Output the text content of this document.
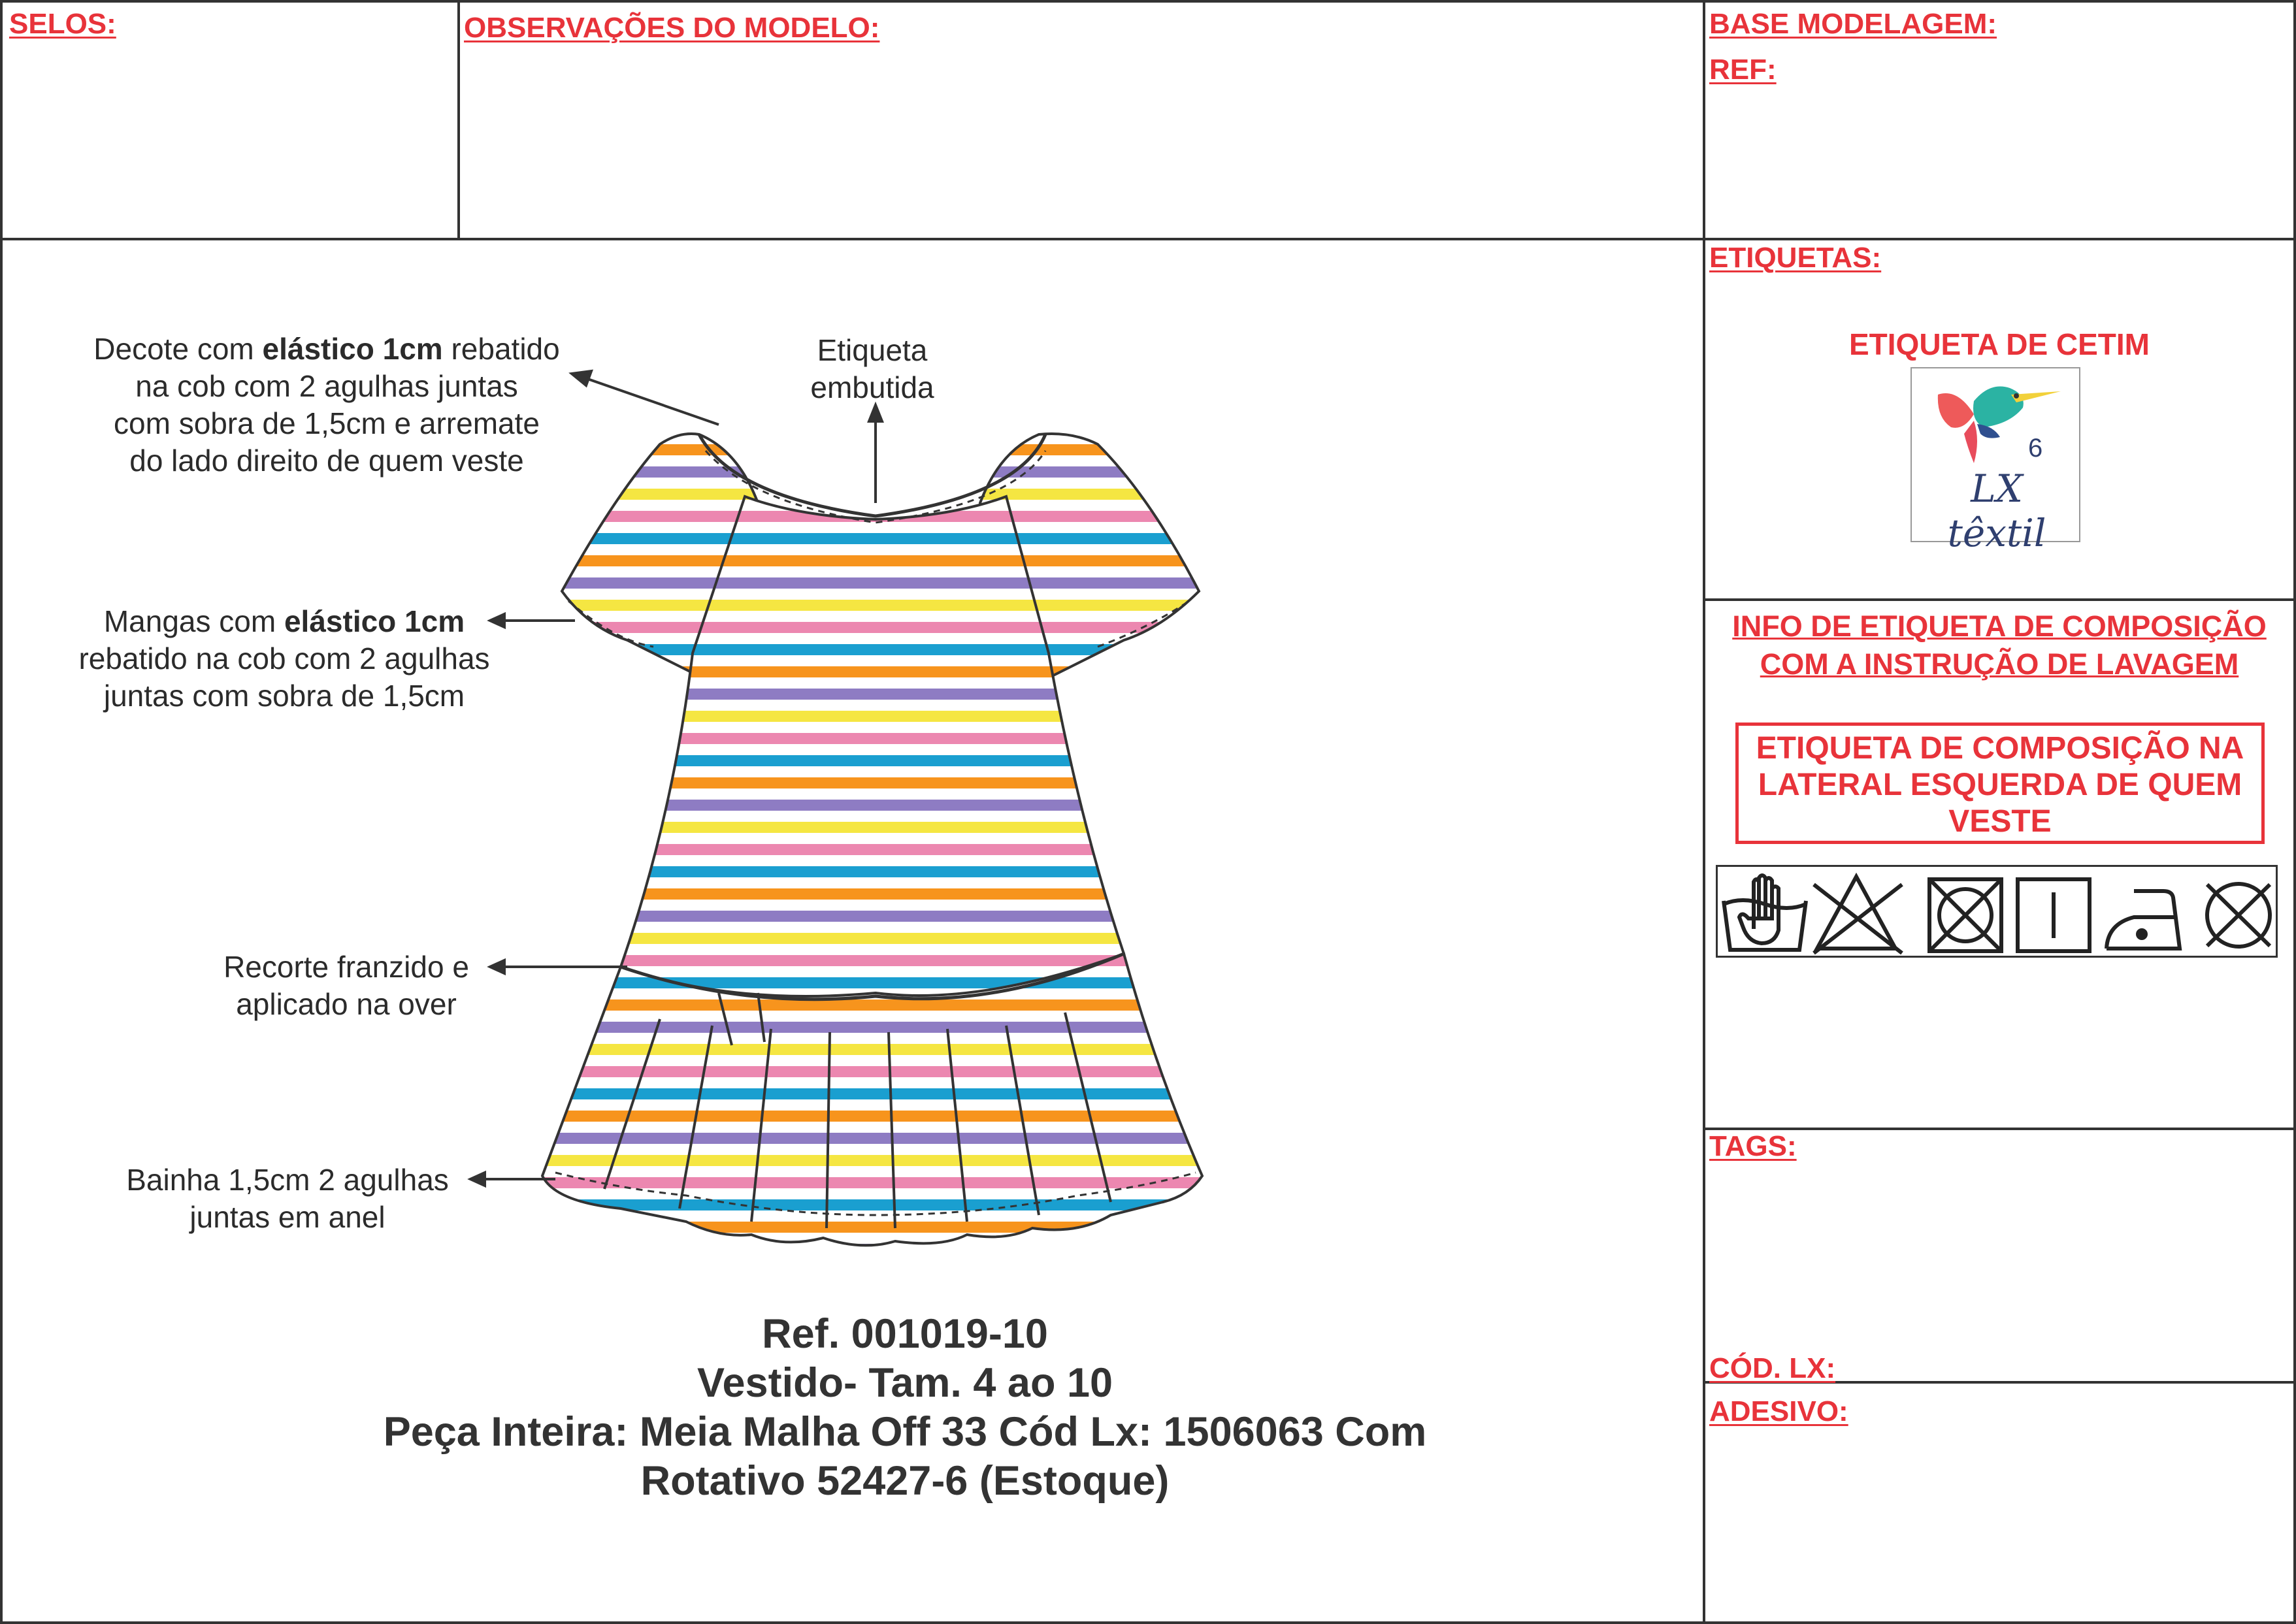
SELOS:	OBSERVAÇÕES DO MODELO:	BASE MODELAGEM:
REF:
ETIQUETAS:
ETIQUETA DE CETIM
6
LX têxtil
INFO DE ETIQUETA DE COMPOSIÇÃO
COM A INSTRUÇÃO DE LAVAGEM
ETIQUETA DE COMPOSIÇÃO NA
LATERAL ESQUERDA DE QUEM
VESTE
TAGS:
CÓD. LX:
ADESIVO:
Decote com elástico 1cm rebatido
na cob com 2 agulhas juntas
com sobra de 1,5cm e arremate
do lado direito de quem veste
Etiqueta
embutida
Mangas com elástico 1cm
rebatido na cob com 2 agulhas
juntas com sobra de 1,5cm
Recorte franzido e
aplicado na over
Bainha 1,5cm 2 agulhas
juntas em anel
Ref. 001019-10
Vestido- Tam. 4 ao 10
Peça Inteira: Meia Malha Off 33 Cód Lx: 1506063 Com
Rotativo 52427-6 (Estoque)
